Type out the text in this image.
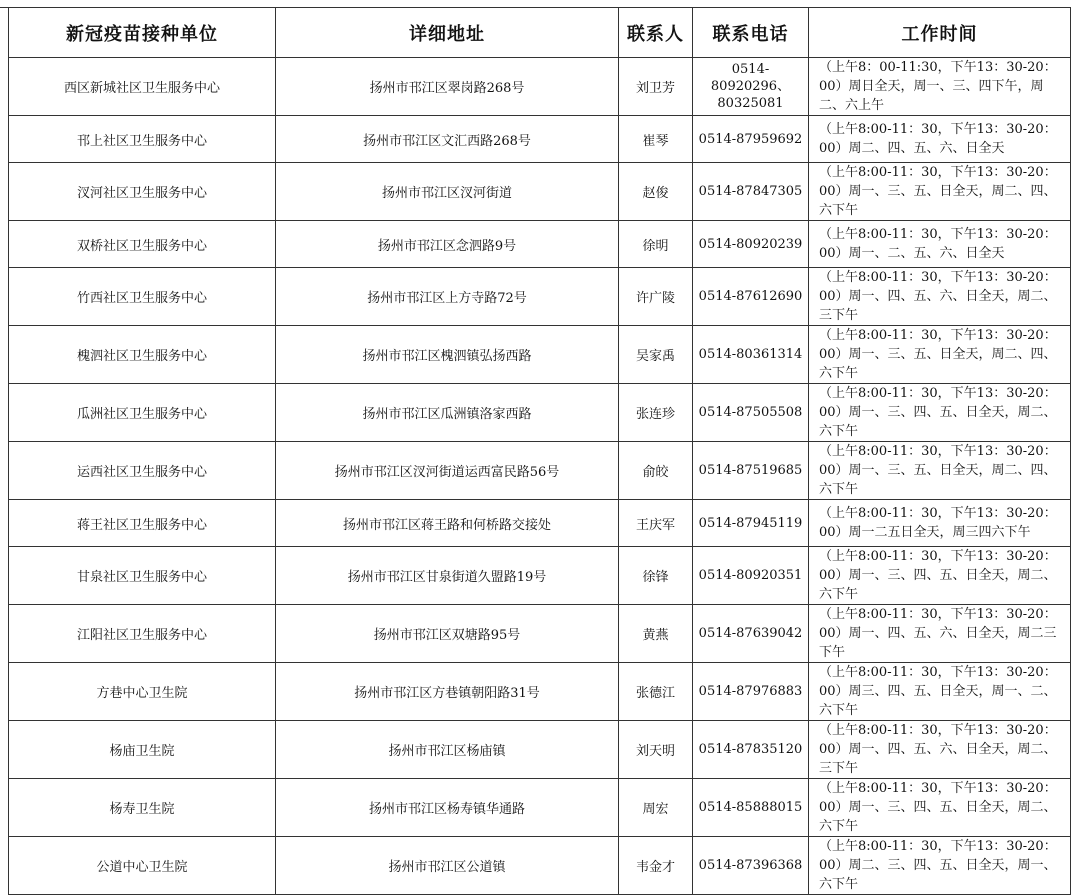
新冠疫苗接种单位	详细地址	联系人	联系电话	工作时间
西区新城社区卫生服务中心	扬州市邗江区翠岗路268号	刘卫芳	0514-80920296、80325081	（上午8：00-11:30，下午13：30-20：00）周日全天，周一、三、四下午，周二、六上午
邗上社区卫生服务中心	扬州市邗江区文汇西路268号	崔琴	0514-87959692	（上午8:00-11：30，下午13：30-20：00）周二、四、五、六、日全天
汊河社区卫生服务中心	扬州市邗江区汊河街道	赵俊	0514-87847305	（上午8:00-11：30，下午13：30-20：00）周一、三、五、日全天，周二、四、六下午
双桥社区卫生服务中心	扬州市邗江区念泗路9号	徐明	0514-80920239	（上午8:00-11：30，下午13：30-20：00）周一、二、五、六、日全天
竹西社区卫生服务中心	扬州市邗江区上方寺路72号	许广陵	0514-87612690	（上午8:00-11：30，下午13：30-20：00）周一、四、五、六、日全天，周二、三下午
槐泗社区卫生服务中心	扬州市邗江区槐泗镇弘扬西路	吴家禹	0514-80361314	（上午8:00-11：30，下午13：30-20：00）周一、三、五、日全天，周二、四、六下午
瓜洲社区卫生服务中心	扬州市邗江区瓜洲镇洛家西路	张连珍	0514-87505508	（上午8:00-11：30，下午13：30-20：00）周一、三、四、五、日全天，周二、六下午
运西社区卫生服务中心	扬州市邗江区汊河街道运西富民路56号	俞皎	0514-87519685	（上午8:00-11：30，下午13：30-20：00）周一、三、五、日全天，周二、四、六下午
蒋王社区卫生服务中心	扬州市邗江区蒋王路和何桥路交接处	王庆军	0514-87945119	（上午8:00-11：30，下午13：30-20：00）周一二五日全天，周三四六下午
甘泉社区卫生服务中心	扬州市邗江区甘泉街道久盟路19号	徐锋	0514-80920351	（上午8:00-11：30，下午13：30-20：00）周一、三、四、五、日全天，周二、六下午
江阳社区卫生服务中心	扬州市邗江区双塘路95号	黄燕	0514-87639042	（上午8:00-11：30，下午13：30-20：00）周一、四、五、六、日全天，周二三下午
方巷中心卫生院	扬州市邗江区方巷镇朝阳路31号	张德江	0514-87976883	（上午8:00-11：30，下午13：30-20：00）周三、四、五、日全天，周一、二、六下午
杨庙卫生院	扬州市邗江区杨庙镇	刘天明	0514-87835120	（上午8:00-11：30，下午13：30-20：00）周一、四、五、六、日全天，周二、三下午
杨寿卫生院	扬州市邗江区杨寿镇华通路	周宏	0514-85888015	（上午8:00-11：30，下午13：30-20：00）周一、三、四、五、日全天，周二、六下午
公道中心卫生院	扬州市邗江区公道镇	韦金才	0514-87396368	（上午8:00-11：30，下午13：30-20：00）周二、三、四、五、日全天，周一、六下午
